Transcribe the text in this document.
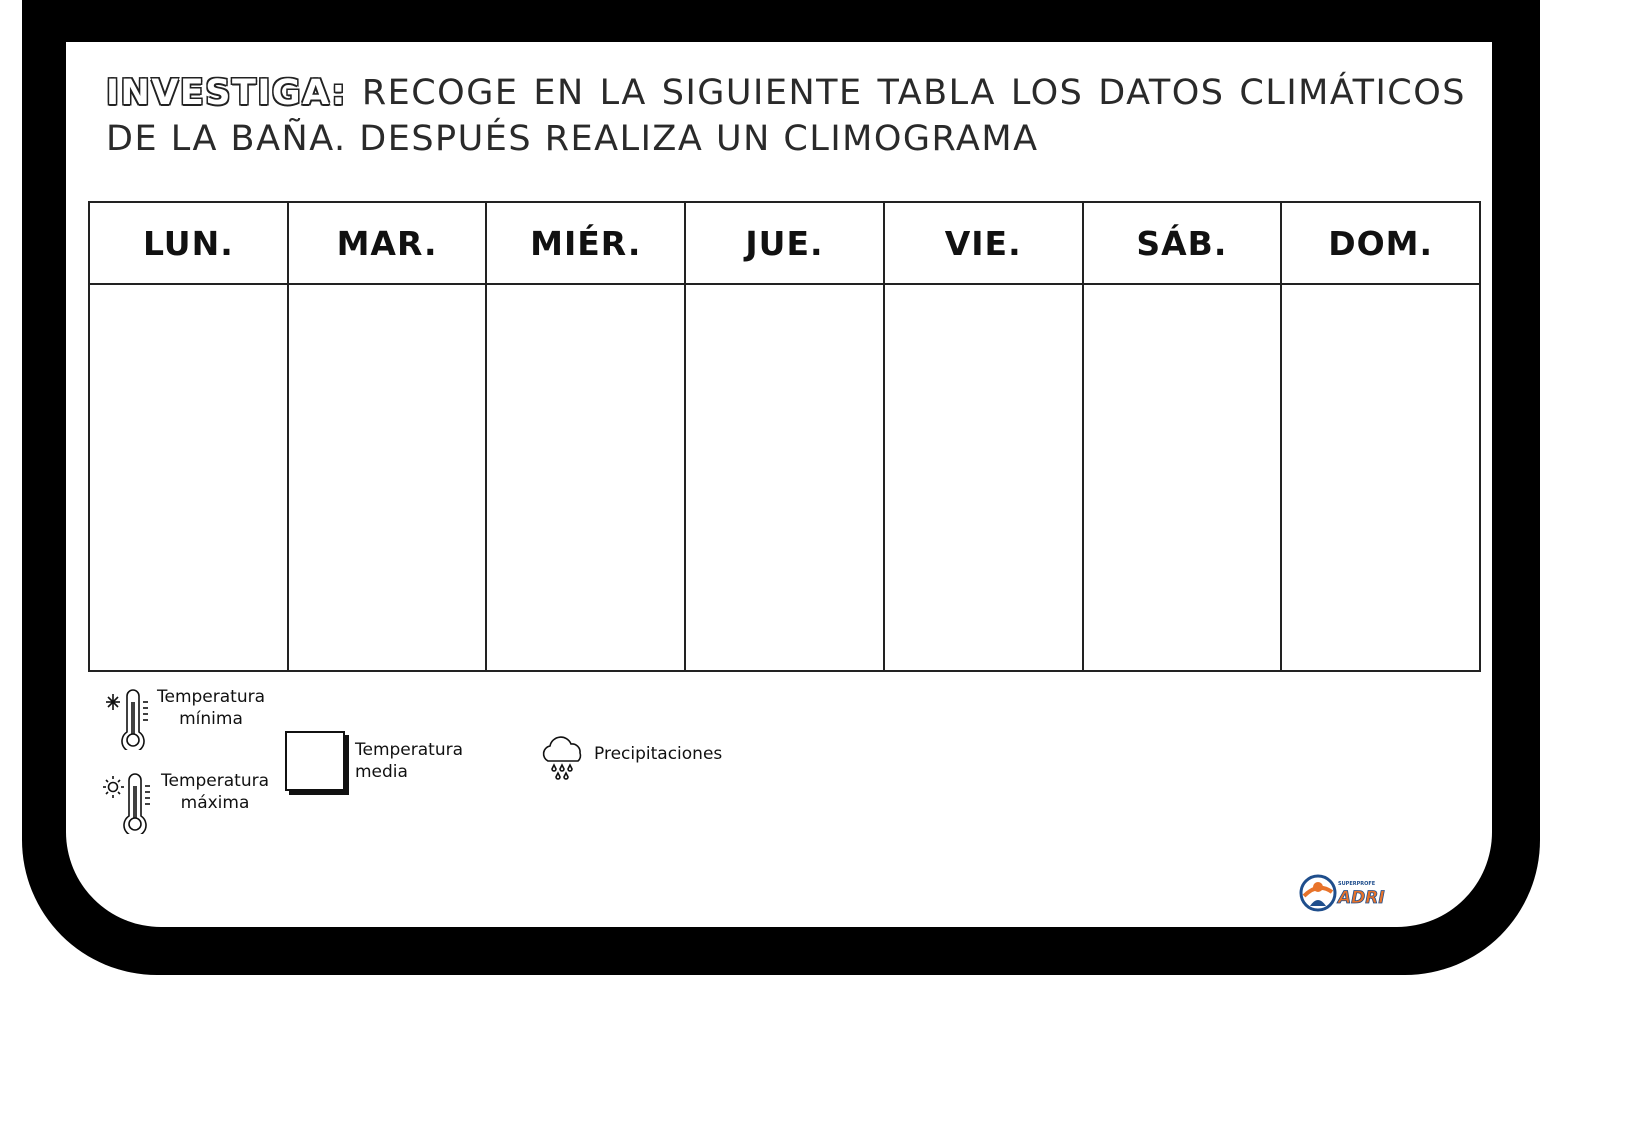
INVESTIGA: RECOGE EN LA SIGUIENTE TABLA LOS DATOS CLIMÁTICOS DE LA BAÑA. DESPUÉS REALIZA UN CLIMOGRAMA
LUN.	MAR.	MIÉR.	JUE.	VIE.	SÁB.	DOM.

Temperatura
mínima
Temperatura
máxima
Temperatura
media
Precipitaciones
SUPERPROFE
ADRI
